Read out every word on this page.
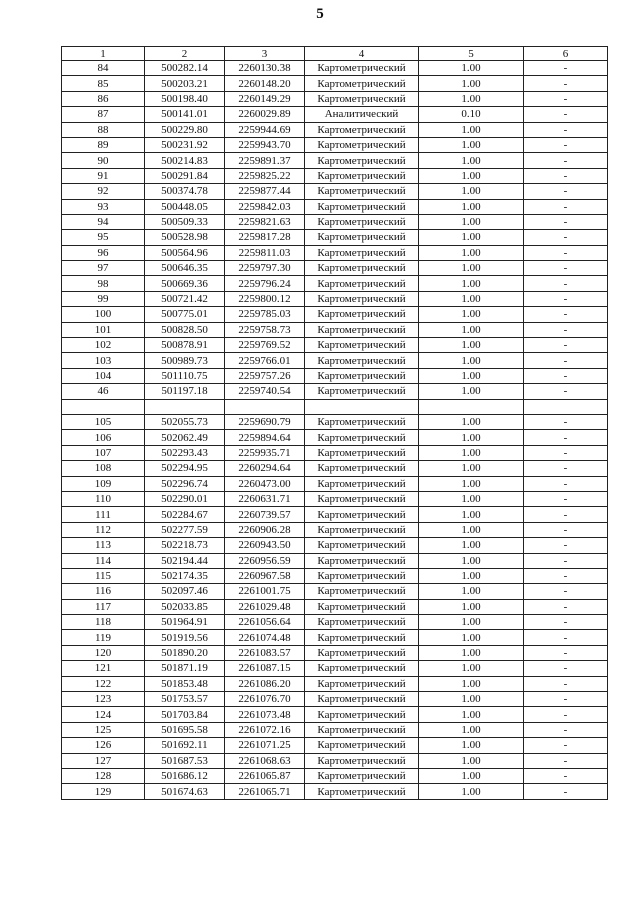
5
1	2	3	4	5	6
84	500282.14	2260130.38	Картометрический	1.00	-
85	500203.21	2260148.20	Картометрический	1.00	-
86	500198.40	2260149.29	Картометрический	1.00	-
87	500141.01	2260029.89	Аналитический	0.10	-
88	500229.80	2259944.69	Картометрический	1.00	-
89	500231.92	2259943.70	Картометрический	1.00	-
90	500214.83	2259891.37	Картометрический	1.00	-
91	500291.84	2259825.22	Картометрический	1.00	-
92	500374.78	2259877.44	Картометрический	1.00	-
93	500448.05	2259842.03	Картометрический	1.00	-
94	500509.33	2259821.63	Картометрический	1.00	-
95	500528.98	2259817.28	Картометрический	1.00	-
96	500564.96	2259811.03	Картометрический	1.00	-
97	500646.35	2259797.30	Картометрический	1.00	-
98	500669.36	2259796.24	Картометрический	1.00	-
99	500721.42	2259800.12	Картометрический	1.00	-
100	500775.01	2259785.03	Картометрический	1.00	-
101	500828.50	2259758.73	Картометрический	1.00	-
102	500878.91	2259769.52	Картометрический	1.00	-
103	500989.73	2259766.01	Картометрический	1.00	-
104	501110.75	2259757.26	Картометрический	1.00	-
46	501197.18	2259740.54	Картометрический	1.00	-

105	502055.73	2259690.79	Картометрический	1.00	-
106	502062.49	2259894.64	Картометрический	1.00	-
107	502293.43	2259935.71	Картометрический	1.00	-
108	502294.95	2260294.64	Картометрический	1.00	-
109	502296.74	2260473.00	Картометрический	1.00	-
110	502290.01	2260631.71	Картометрический	1.00	-
111	502284.67	2260739.57	Картометрический	1.00	-
112	502277.59	2260906.28	Картометрический	1.00	-
113	502218.73	2260943.50	Картометрический	1.00	-
114	502194.44	2260956.59	Картометрический	1.00	-
115	502174.35	2260967.58	Картометрический	1.00	-
116	502097.46	2261001.75	Картометрический	1.00	-
117	502033.85	2261029.48	Картометрический	1.00	-
118	501964.91	2261056.64	Картометрический	1.00	-
119	501919.56	2261074.48	Картометрический	1.00	-
120	501890.20	2261083.57	Картометрический	1.00	-
121	501871.19	2261087.15	Картометрический	1.00	-
122	501853.48	2261086.20	Картометрический	1.00	-
123	501753.57	2261076.70	Картометрический	1.00	-
124	501703.84	2261073.48	Картометрический	1.00	-
125	501695.58	2261072.16	Картометрический	1.00	-
126	501692.11	2261071.25	Картометрический	1.00	-
127	501687.53	2261068.63	Картометрический	1.00	-
128	501686.12	2261065.87	Картометрический	1.00	-
129	501674.63	2261065.71	Картометрический	1.00	-
